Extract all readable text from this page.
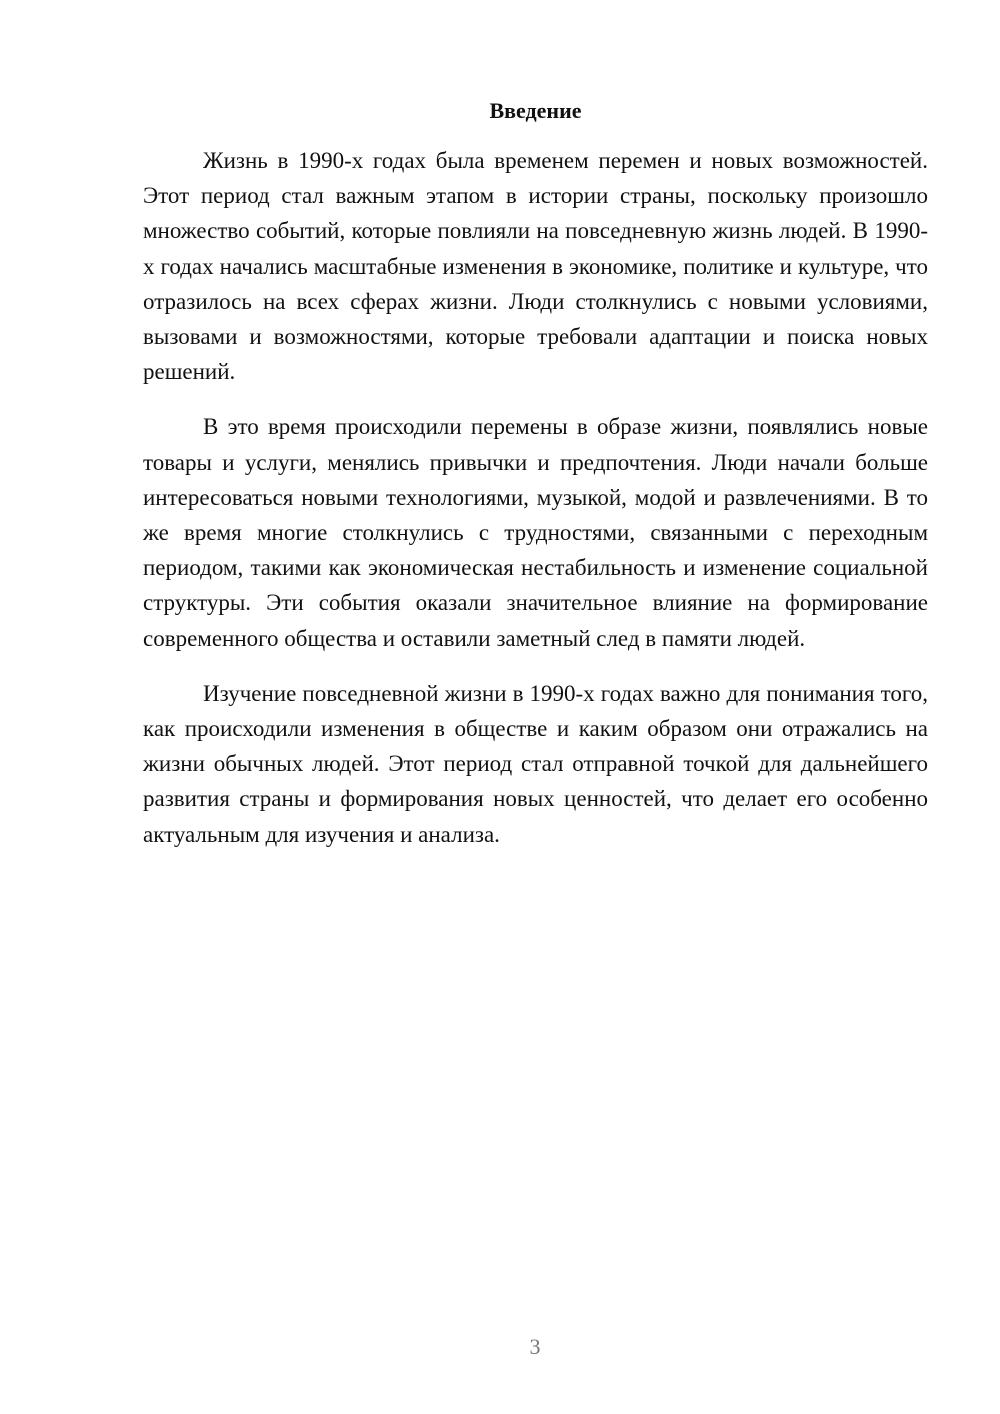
Введение

Жизнь в 1990-х годах была временем перемен и новых возможностей. Этот период стал важным этапом в истории страны, поскольку произошло множество событий, которые повлияли на повседневную жизнь людей. В 1990-х годах начались масштабные изменения в экономике, политике и культуре, что отразилось на всех сферах жизни. Люди столкнулись с новыми условиями, вызовами и возможностями, которые требовали адаптации и поиска новых решений.

В это время происходили перемены в образе жизни, появлялись новые товары и услуги, менялись привычки и предпочтения. Люди начали больше интересоваться новыми технологиями, музыкой, модой и развлечениями. В то же время многие столкнулись с трудностями, связанными с переходным периодом, такими как экономическая нестабильность и изменение социальной структуры. Эти события оказали значительное влияние на формирование современного общества и оставили заметный след в памяти людей.

Изучение повседневной жизни в 1990-х годах важно для понимания того, как происходили изменения в обществе и каким образом они отражались на жизни обычных людей. Этот период стал отправной точкой для дальнейшего развития страны и формирования новых ценностей, что делает его особенно актуальным для изучения и анализа.

3
